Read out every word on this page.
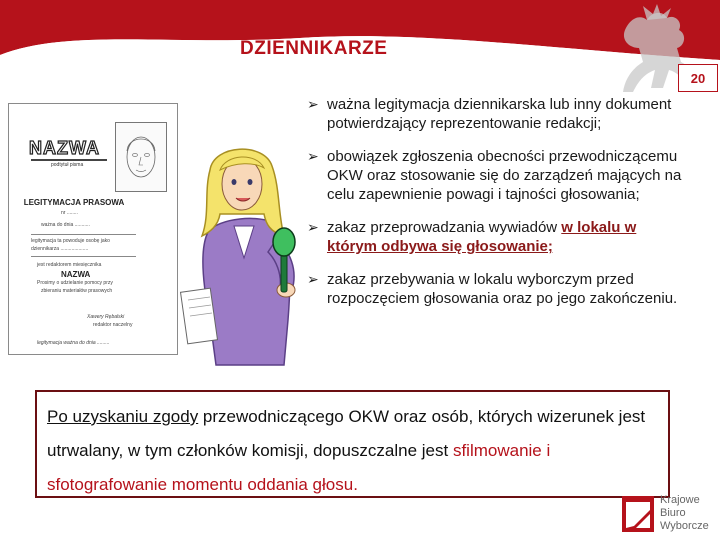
DZIENNIKARZE
20
NAZWA
podtytuł pisma
LEGITYMACJA PRASOWA
nr ........
ważna do dnia ...........
legitymacja ta powoduje osobę jako
dziennikarza ....................
jest redaktorem miesięcznika
Prosimy o udzielanie pomocy przy
zbieraniu materiałów prasowych
Xawery Rębalski
redaktor naczelny
legitymacja ważna do dnia .........
NAZWA
➢ ważna legitymacja dziennikarska lub inny dokument potwierdzający reprezentowanie redakcji;
➢ obowiązek zgłoszenia obecności przewodniczącemu OKW oraz stosowanie się do zarządzeń mających na celu zapewnienie powagi i tajności głosowania;
➢ zakaz przeprowadzania wywiadów w lokalu w którym odbywa się głosowanie;
➢ zakaz przebywania w lokalu wyborczym przed rozpoczęciem głosowania oraz po jego zakończeniu.
Po uzyskaniu zgody przewodniczącego OKW oraz osób, których wizerunek jest utrwalany, w tym członków komisji, dopuszczalne jest sfilmowanie i sfotografowanie momentu oddania głosu.
Krajowe
Biuro
Wyborcze
